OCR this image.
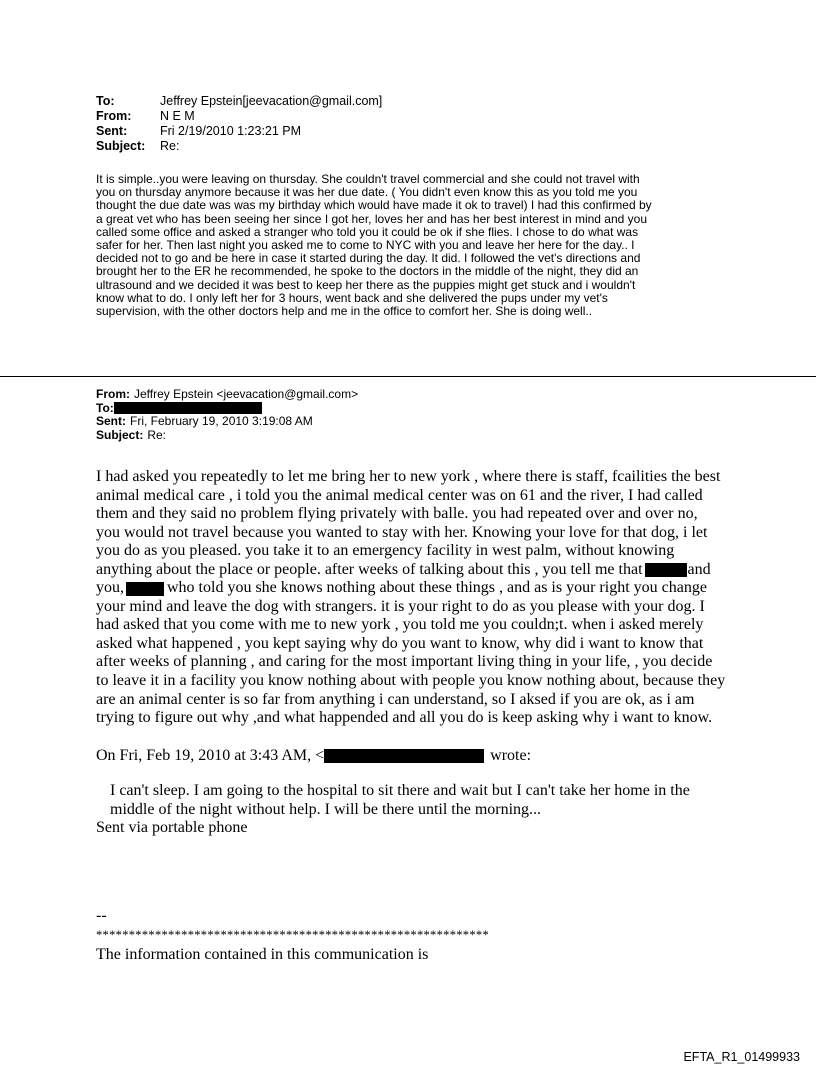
To:	Jeffrey Epstein[jeevacation@gmail.com]
From:	N E M
Sent:	Fri 2/19/2010 1:23:21 PM
Subject:	Re:

It is simple..you were leaving on thursday. She couldn't travel commercial and she could not travel with

you on thursday anymore because it was her due date. ( You didn't even know this as you told me you

thought the due date was was my birthday which would have made it ok to travel) I had this confirmed by

a great vet who has been seeing her since I got her, loves her and has her best interest in mind and you

called some office and asked a stranger who told you it could be ok if she flies. I chose to do what was

safer for her. Then last night you asked me to come to NYC with you and leave her here for the day.. I

decided not to go and be here in case it started during the day. It did. I followed the vet's directions and

brought her to the ER he recommended, he spoke to the doctors in the middle of the night, they did an

ultrasound and we decided it was best to keep her there as the puppies might get stuck and i wouldn't

know what to do. I only left her for 3 hours, went back and she delivered the pups under my vet's

supervision, with the other doctors help and me in the office to comfort her. She is doing well..

From: Jeffrey Epstein <jeevacation@gmail.com>
To:
Sent: Fri, February 19, 2010 3:19:08 AM
Subject: Re:

I had asked you repeatedly to let me bring her to new york , where there is staff, fcailities the best

animal medical care , i told you the animal medical center was on 61 and the river, I had called

them and they said no problem flying privately with balle. you had repeated over and over no,

you would not travel because you wanted to stay with her. Knowing your love for that dog, i let

you do as you pleased. you take it to an emergency facility in west palm, without knowing

anything about the place or people. after weeks of talking about this , you tell me that	and

you,	who told you she knows nothing about these things , and as is your right you change

your mind and leave the dog with strangers. it is your right to do as you please with your dog. I

had asked that you come with me to new york , you told me you couldn;t. when i asked merely

asked what happened , you kept saying why do you want to know, why did i want to know that

after weeks of planning , and caring for the most important living thing in your life, , you decide

to leave it in a facility you know nothing about with people you know nothing about, because they

are an animal center is so far from anything i can understand, so I aksed if you are ok, as i am

trying to figure out why ,and what happended and all you do is keep asking why i want to know.

On Fri, Feb 19, 2010 at 3:43 AM, <	wrote:

I can't sleep. I am going to the hospital to sit there and wait but I can't take her home in the

middle of the night without help. I will be there until the morning...

Sent via portable phone
--
************************************************************
The information contained in this communication is
EFTA_R1_01499933
